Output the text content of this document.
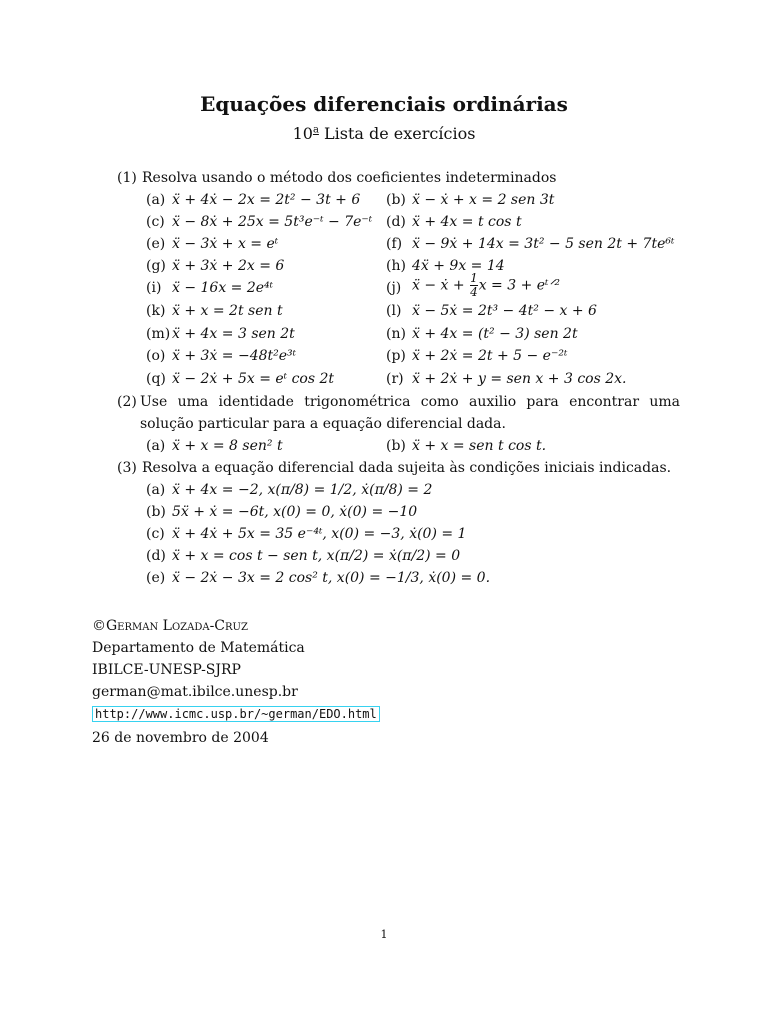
Equações diferenciais ordinárias
10$^a$ Lista de exercícios
(1) Resolva usando o método dos coeficientes indeterminados
(a) ẍ + 4ẋ − 2x = 2t² − 3t + 6 (b) ẍ − ẋ + x = 2 sen 3t
(c) ẍ − 8ẋ + 25x = 5t³e⁻ᵗ − 7e⁻ᵗ (d) ẍ + 4x = t cos t
(e) ẍ − 3ẋ + x = eᵗ	(f) ẍ − 9ẋ + 14x = 3t² − 5 sen 2t + 7te⁶ᵗ
(g) ẍ + 3ẋ + 2x = 6	(h) 4ẍ + 9x = 14
(i) ẍ − 16x = 2e⁴ᵗ	(j) ẍ − ẋ + $\frac{1}{4}$ x = 3 + eᵗᐟ²
(k) ẍ + x = 2t sen t	(l) ẍ − 5ẋ = 2t³ − 4t² − x + 6
(m) ẍ + 4x = 3 sen 2t	(n) ẍ + 4x = (t² − 3) sen 2t
(o) ẍ + 3ẋ = −48t²e³ᵗ	(p) ẍ + 2ẋ = 2t + 5 − e⁻²ᵗ
(q) ẍ − 2ẋ + 5x = eᵗ cos 2t	(r) ẍ + 2ẋ + y = sen x + 3 cos 2x.
(2) Use uma identidade trigonométrica como auxilio para encontrar uma solução particular para a equação diferencial dada.
(a) ẍ + x = 8 sen² t	(b) ẍ + x = sen t cos t.
(3) Resolva a equação diferencial dada sujeita às condições iniciais indicadas.
(a) ẍ + 4x = −2, x(π/8) = 1/2, ẋ(π/8) = 2
(b) 5ẍ + ẋ = −6t, x(0) = 0, ẋ(0) = −10
(c) ẍ + 4ẋ + 5x = 35 e⁻⁴ᵗ, x(0) = −3, ẋ(0) = 1
(d) ẍ + x = cos t − sen t, x(π/2) = ẋ(π/2) = 0
(e) ẍ − 2ẋ − 3x = 2 cos² t, x(0) = −1/3, ẋ(0) = 0.
©German Lozada-Cruz
Departamento de Matemática
IBILCE-UNESP-SJRP
german@mat.ibilce.unesp.br
http://www.icmc.usp.br/~german/EDO.html
26 de novembro de 2004
1
